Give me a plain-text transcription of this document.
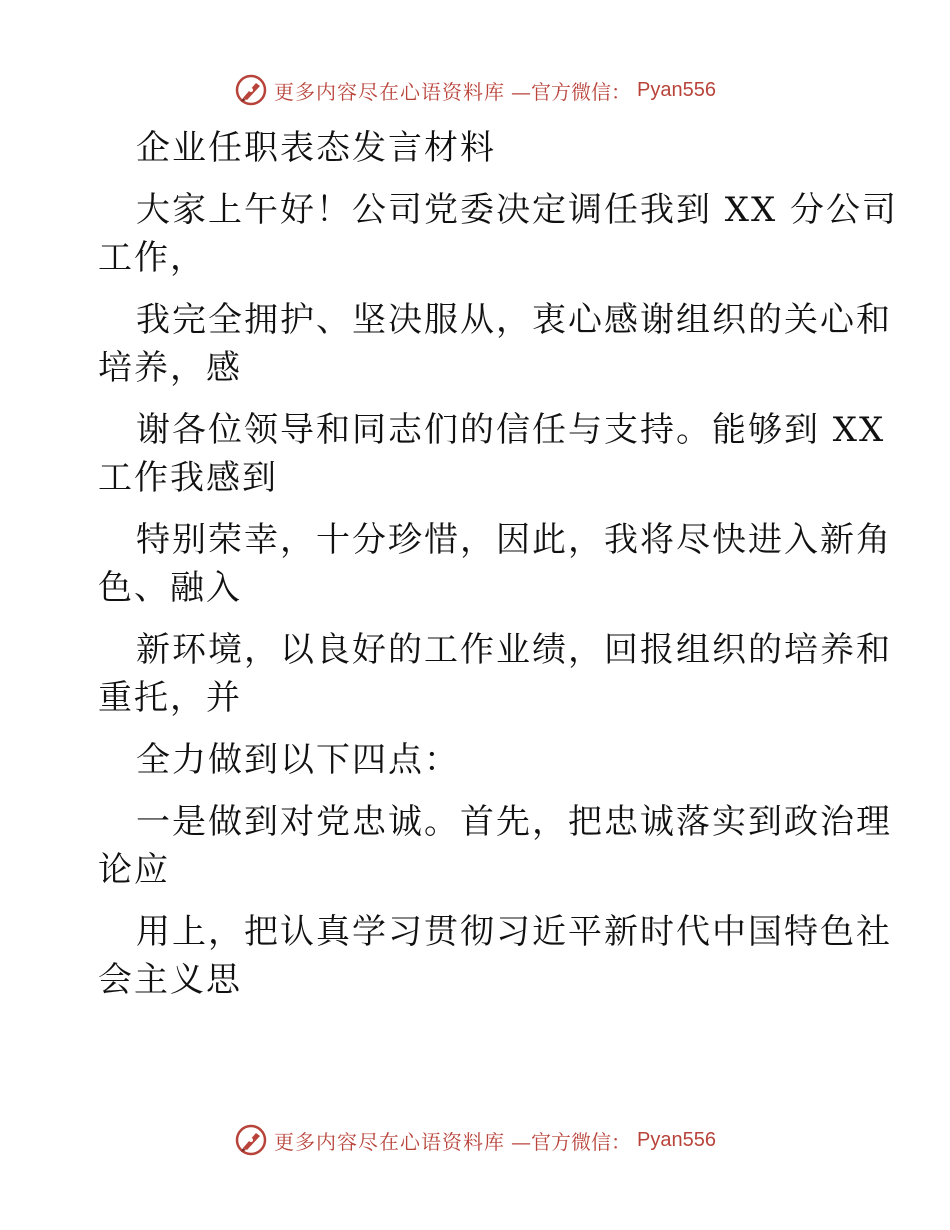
更多内容尽在心语资料库 —官方微信： Pyan556
企业任职表态发言材料
大家上午好！公司党委决定调任我到 XX 分公司
工作，
我完全拥护、坚决服从，衷心感谢组织的关心和
培养，感
谢各位领导和同志们的信任与支持。能够到 XX
工作我感到
特别荣幸，十分珍惜，因此，我将尽快进入新角
色、融入
新环境，以良好的工作业绩，回报组织的培养和
重托，并
全力做到以下四点：
一是做到对党忠诚。首先，把忠诚落实到政治理
论应
用上，把认真学习贯彻习近平新时代中国特色社
会主义思
更多内容尽在心语资料库 —官方微信： Pyan556
